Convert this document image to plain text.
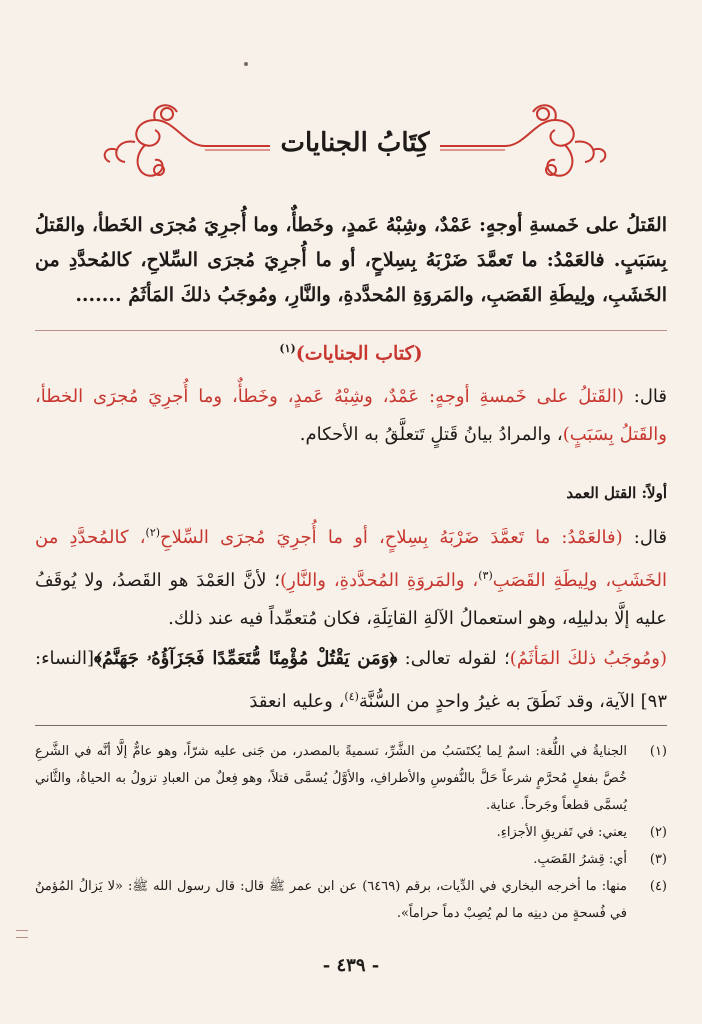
كِتَابُ الجنايات
القَتلُ على خَمسةِ أوجهٍ: عَمْدٌ، وشِبْهُ عَمدٍ، وخَطأٌ، وما أُجرِيَ مُجرَى الخَطأ، والقَتلُ بِسَبَبٍ. فالعَمْدُ: ما تَعمَّدَ ضَرْبَهُ بِسِلاحٍ، أو ما أُجرِيَ مُجرَى السِّلاحِ، كالمُحدَّدِ من الخَشَبِ، ولِيطَةِ القَصَبِ، والمَروَةِ المُحدَّدةِ، والنَّارِ، ومُوجَبُ ذلكَ المَأثَمُ .......
(كتاب الجنايات)$^{(١)}$
قال: (القَتلُ على خَمسةِ أوجهٍ: عَمْدٌ، وشِبْهُ عَمدٍ، وخَطأٌ، وما أُجرِيَ مُجرَى الخطأ، والقَتلُ بِسَبَبٍ)، والمرادُ بيانُ قَتلٍ تَتعلَّقُ به الأحكام.
أولاً: القتل العمد
قال: (فالعَمْدُ: ما تَعمَّدَ ضَرْبَهُ بِسِلاحٍ، أو ما أُجرِيَ مُجرَى السِّلاحِ$^{(٢)}$، كالمُحدَّدِ من الخَشَبِ، ولِيطَةِ القَصَبِ$^{(٣)}$، والمَروَةِ المُحدَّدةِ، والنَّارِ)؛ لأنَّ العَمْدَ هو القَصدُ، ولا يُوقَفُ عليه إلَّا بدليلِه، وهو استعمالُ الآلةِ القاتِلَةِ، فكان مُتعمِّداً فيه عند ذلك.
(ومُوجَبُ ذلكَ المَأثَمُ)؛ لقوله تعالى: ﴿وَمَن يَقْتُلْ مُؤْمِنًا مُّتَعَمِّدًا فَجَزَآؤُهُۥ جَهَنَّمُ﴾[النساء: ٩٣] الآية، وقد نَطَقَ به غيرُ واحدٍ من السُّنَّة$^{(٤)}$، وعليه انعقدَ
(١)
الجنايةُ في اللُّغة: اسمٌ لِما يُكتَسَبُ من الشَّرِّ، تسميةً بالمصدر، من جَنى عليه شرّاً، وهو عامٌّ إلَّا أنَّه في الشَّرعِ خُصَّ بفعلٍ مُحرَّمٍ شرعاً حَلَّ بالنُّفوسِ والأطرافِ، والأوَّلُ يُسمَّى قتلاً، وهو فِعلٌ من العبادِ تزولُ به الحياةُ، والثَّاني يُسمَّى قطعاً وجَرحاً. عناية.
(٢)
يعني: في تَفريقِ الأجزاءِ.
(٣)
أي: قِشرُ القَصَبِ.
(٤)
منها: ما أخرجه البخاري في الدِّيات، برقم (٦٤٦٩) عن ابن عمر ﷺ قال: قال رسول الله ﷺ: «لا يَزالُ المُؤمنُ في فُسحةٍ من دينِه ما لم يُصِبْ دماً حراماً».
- ٤٣٩ -
